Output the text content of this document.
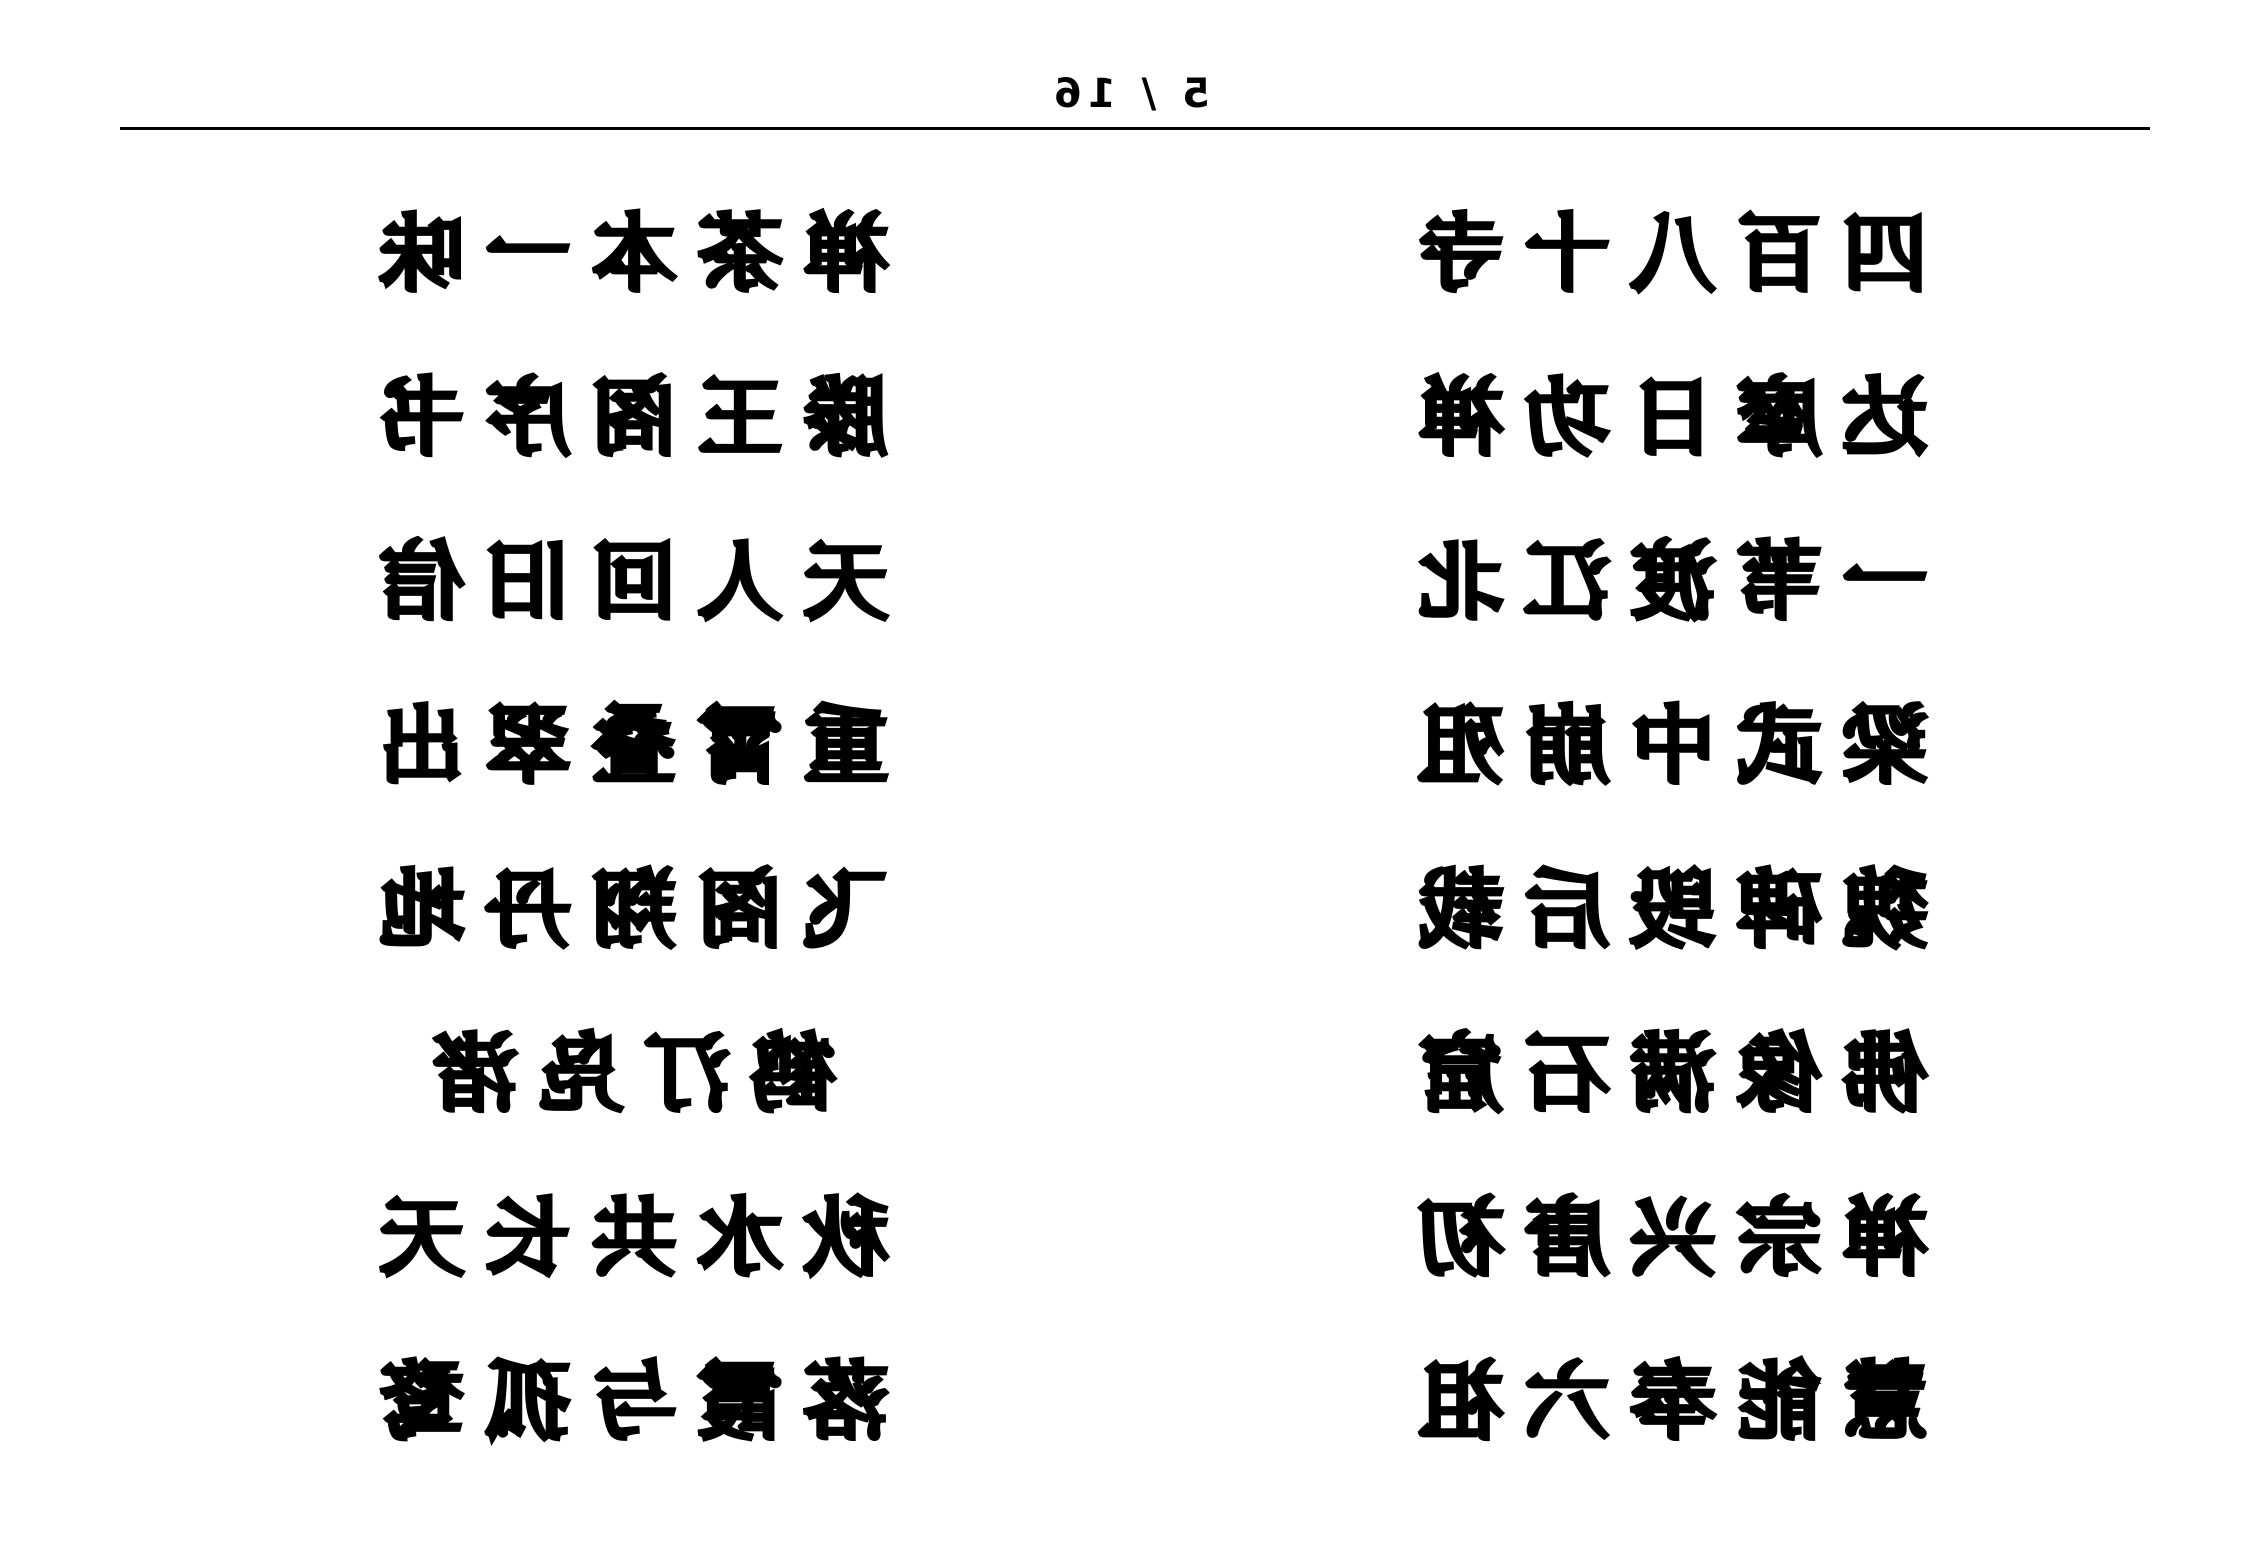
5 / 16
禅茶本一味
滕王阁序书
天人回旧信
重霄叠翠出
飞阁翔丹地
鹤汀凫渚
秋水共长天
落霞与孤鹜
四百八十寺
达摩日功禅
一苇渡江北
梁武中崩殂
魏碑毁后载
佛像满石窟
禅宗兴唐初
慧能奉六祖
